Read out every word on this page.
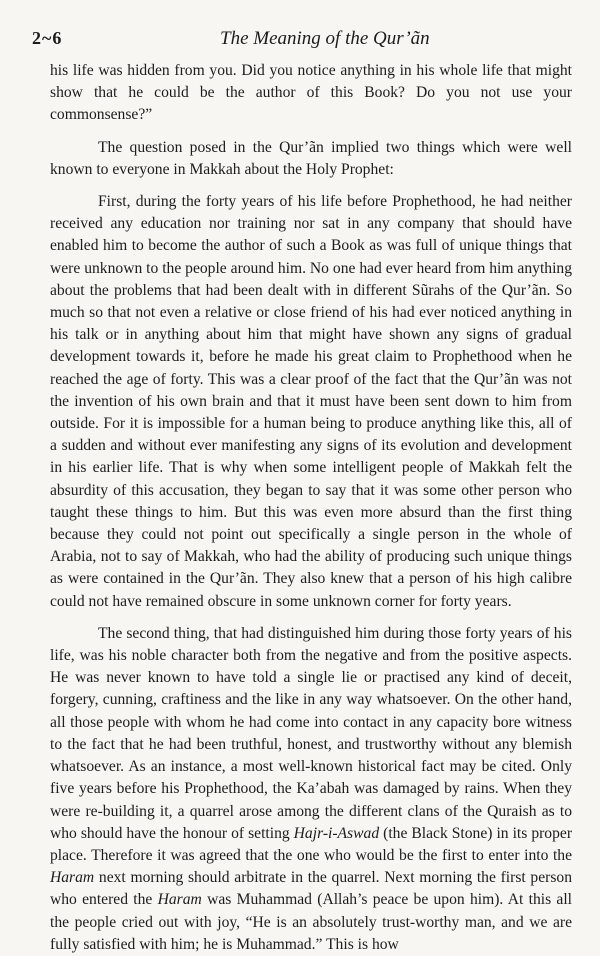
2~6	The Meaning of the Qur’ãn

his life was hidden from you. Did you notice anything in his whole life that might show that he could be the author of this Book? Do you not use your commonsense?”

The question posed in the Qur’ãn implied two things which were well known to everyone in Makkah about the Holy Prophet:

First, during the forty years of his life before Prophethood, he had neither received any education nor training nor sat in any company that should have enabled him to become the author of such a Book as was full of unique things that were unknown to the people around him. No one had ever heard from him anything about the problems that had been dealt with in different Sũrahs of the Qur’ãn. So much so that not even a relative or close friend of his had ever noticed anything in his talk or in anything about him that might have shown any signs of gradual development towards it, before he made his great claim to Prophethood when he reached the age of forty. This was a clear proof of the fact that the Qur’ãn was not the invention of his own brain and that it must have been sent down to him from outside. For it is impossible for a human being to produce anything like this, all of a sudden and without ever manifesting any signs of its evolution and development in his earlier life. That is why when some intelligent people of Makkah felt the absurdity of this accusation, they began to say that it was some other person who taught these things to him. But this was even more absurd than the first thing because they could not point out specifically a single person in the whole of Arabia, not to say of Makkah, who had the ability of producing such unique things as were contained in the Qur’ãn. They also knew that a person of his high calibre could not have remained obscure in some unknown corner for forty years.

The second thing, that had distinguished him during those forty years of his life, was his noble character both from the negative and from the positive aspects. He was never known to have told a single lie or practised any kind of deceit, forgery, cunning, craftiness and the like in any way whatsoever. On the other hand, all those people with whom he had come into contact in any capacity bore witness to the fact that he had been truthful, honest, and trustworthy without any blemish whatsoever. As an instance, a most well-known historical fact may be cited. Only five years before his Prophethood, the Ka’abah was damaged by rains. When they were re-building it, a quarrel arose among the different clans of the Quraish as to who should have the honour of setting Hajr-i-Aswad (the Black Stone) in its proper place. Therefore it was agreed that the one who would be the first to enter into the Haram next morning should arbitrate in the quarrel. Next morning the first person who entered the Haram was Muhammad (Allah’s peace be upon him). At this all the people cried out with joy, “He is an absolutely trust-worthy man, and we are fully satisfied with him; he is Muhammad.” This is how
